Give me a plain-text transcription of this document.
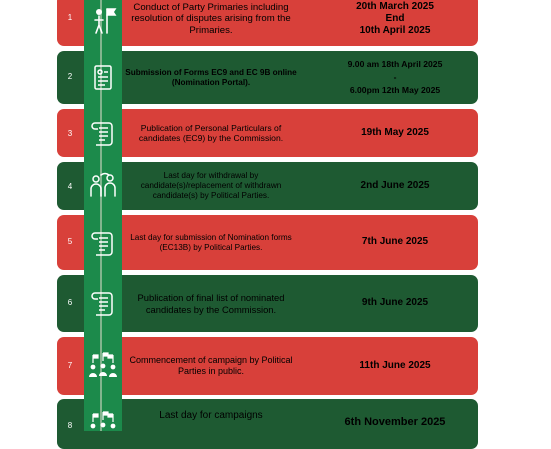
1
2
3
4
5
6
7
8
Conduct of Party Primaries including resolution of disputes arising from the Primaries.
Submission of Forms EC9 and EC 9B online (Nomination Portal).
Publication of Personal Particulars of candidates (EC9) by the Commission.
Last day for withdrawal by candidate(s)/replacement of withdrawn candidate(s) by Political Parties.
Last day for submission of Nomination forms (EC13B) by Political Parties.
Publication of final list of nominated candidates by the Commission.
Commencement of campaign by Political Parties in public.
Last day for campaigns
20th March 2025
End
10th April 2025
9.00 am 18th April 2025
-
6.00pm 12th May 2025
19th May 2025
2nd June 2025
7th June 2025
9th June 2025
11th June 2025
6th November 2025
